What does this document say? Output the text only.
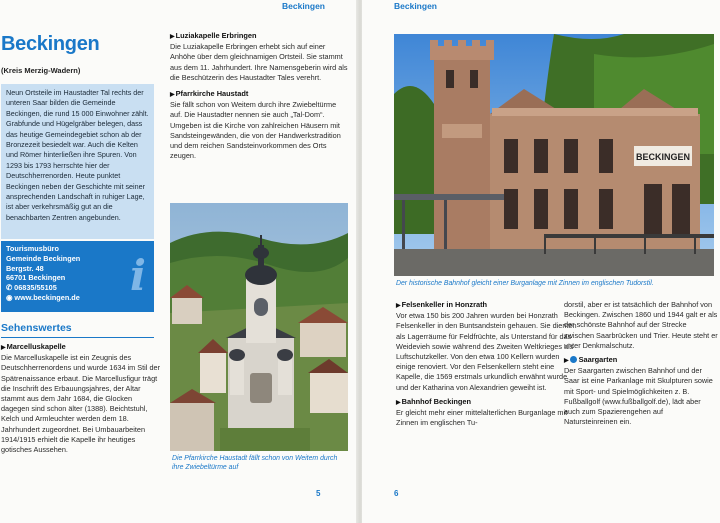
Beckingen
Beckingen
(Kreis Merzig-Wadern)
Neun Ortsteile im Haustadter Tal rechts der unteren Saar bilden die Gemeinde Beckingen, die rund 15 000 Einwohner zählt. Grabfunde und Hügelgräber belegen, dass das heutige Gemeindegebiet schon ab der Bronzezeit besiedelt war. Auch die Kelten und Römer hinterließen ihre Spuren. Von 1293 bis 1793 herrschte hier der Deutschherrenorden. Heute punktet Beckingen neben der Geschichte mit seiner ansprechenden Landschaft in ruhiger Lage, ist aber verkehrsmäßig gut an die benachbarten Zentren angebunden.
Tourismusbüro
Gemeinde Beckingen
Bergstr. 48
66701 Beckingen
✆ 06835/55105
◉ www.beckingen.de	i
Sehenswertes
▶Marcelluskapelle

Die Marcelluskapelle ist ein Zeugnis des Deutschherrenordens und wurde 1634 im Stil der Spätrenaissance erbaut. Die Marcellusfigur trägt die Inschrift des Erbauungsjahres, der Altar stammt aus dem Jahr 1684, die Glocken dagegen sind schon älter (1388). Beichtstuhl, Kelch und Armleuchter werden dem 18. Jahrhundert zugeordnet. Bei Umbauarbeiten 1914/1915 erhielt die Kapelle ihr heutiges gotisches Aussehen.

▶Luziakapelle Erbringen

Die Luziakapelle Erbringen erhebt sich auf einer Anhöhe über dem gleichnamigen Ortsteil. Sie stammt aus dem 11. Jahrhundert. Ihre Namensgeberin wird als die Beschützerin des Haustadter Tales verehrt.

▶Pfarrkirche Haustadt

Sie fällt schon von Weitem durch ihre Zwiebeltürme auf. Die Haustadter nennen sie auch „Tal-Dom“. Umgeben ist die Kirche von zahlreichen Häusern mit Sandsteingewänden, die von der Handwerkstradition und dem reichen Sandsteinvorkommen des Orts zeugen.

Die Pfarrkirche Haustadt fällt schon von Weitem durch ihre Zwiebeltürme auf
5
Beckingen
BECKINGEN
Der historische Bahnhof gleicht einer Burganlage mit Zinnen im englischen Tudorstil.
▶Felsenkeller in Honzrath

Vor etwa 150 bis 200 Jahren wurden bei Honzrath Felsenkeller in den Buntsandstein gehauen. Sie dienten als Lagerräume für Feldfrüchte, als Unterstand für das Weidevieh sowie während des Zweiten Weltkrieges als Luftschutzkeller. Von den etwa 100 Kellern wurden einige renoviert. Vor den Felsenkellern steht eine Kapelle, die 1569 erstmals urkundlich erwähnt wurde und der Katharina von Alexandrien geweiht ist.

▶Bahnhof Beckingen

Er gleicht mehr einer mittelalterlichen Burganlage mit Zinnen im englischen Tu-

dorstil, aber er ist tatsächlich der Bahnhof von Beckingen. Zwischen 1860 und 1944 galt er als der schönste Bahnhof auf der Strecke zwischen Saarbrücken und Trier. Heute steht er unter Denkmalschutz.

▶ Saargarten

Der Saargarten zwischen Bahnhof und der Saar ist eine Parkanlage mit Skulpturen sowie mit Sport- und Spielmöglichkeiten z. B. Fußballgolf (www.fußballgolf.de), lädt aber auch zum Spazierengehen auf Natursteinreinen ein.

6
